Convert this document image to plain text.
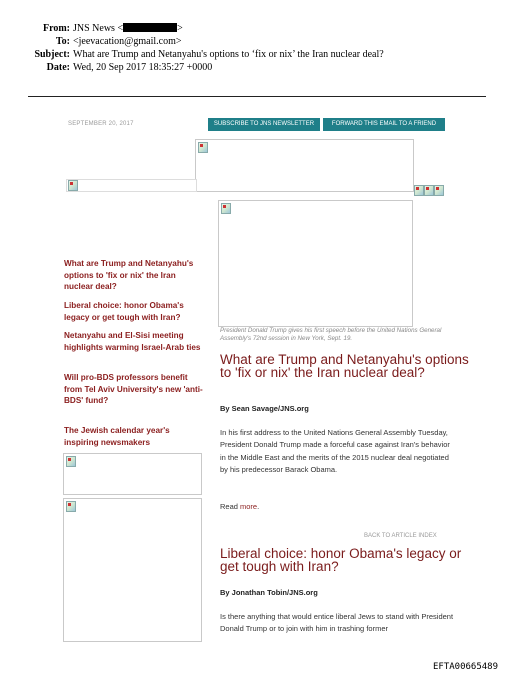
From: JNS News <	>
To: <jeevacation@gmail.com>
Subject: What are Trump and Netanyahu's options to ‘fix or nix’ the Iran nuclear deal?
Date: Wed, 20 Sep 2017 18:35:27 +0000
SEPTEMBER 20, 2017	SUBSCRIBE TO JNS NEWSLETTER	FORWARD THIS EMAIL TO A FRIEND
What are Trump and Netanyahu's options to 'fix or nix' the Iran nuclear deal?
Liberal choice: honor Obama's legacy or get tough with Iran?
Netanyahu and El-Sisi meeting highlights warming Israel-Arab ties
Will pro-BDS professors benefit from Tel Aviv University's new 'anti-BDS' fund?
The Jewish calendar year's inspiring newsmakers
President Donald Trump gives his first speech before the United Nations General Assembly's 72nd session in New York, Sept. 19.
What are Trump and Netanyahu's options to 'fix or nix' the Iran nuclear deal?
By Sean Savage/JNS.org
In his first address to the United Nations General Assembly Tuesday, President Donald Trump made a forceful case against Iran's behavior in the Middle East and the merits of the 2015 nuclear deal negotiated by his predecessor Barack Obama.
Read more.
BACK TO ARTICLE INDEX
Liberal choice: honor Obama's legacy or get tough with Iran?
By Jonathan Tobin/JNS.org
Is there anything that would entice liberal Jews to stand with President Donald Trump or to join with him in trashing former
EFTA00665489
